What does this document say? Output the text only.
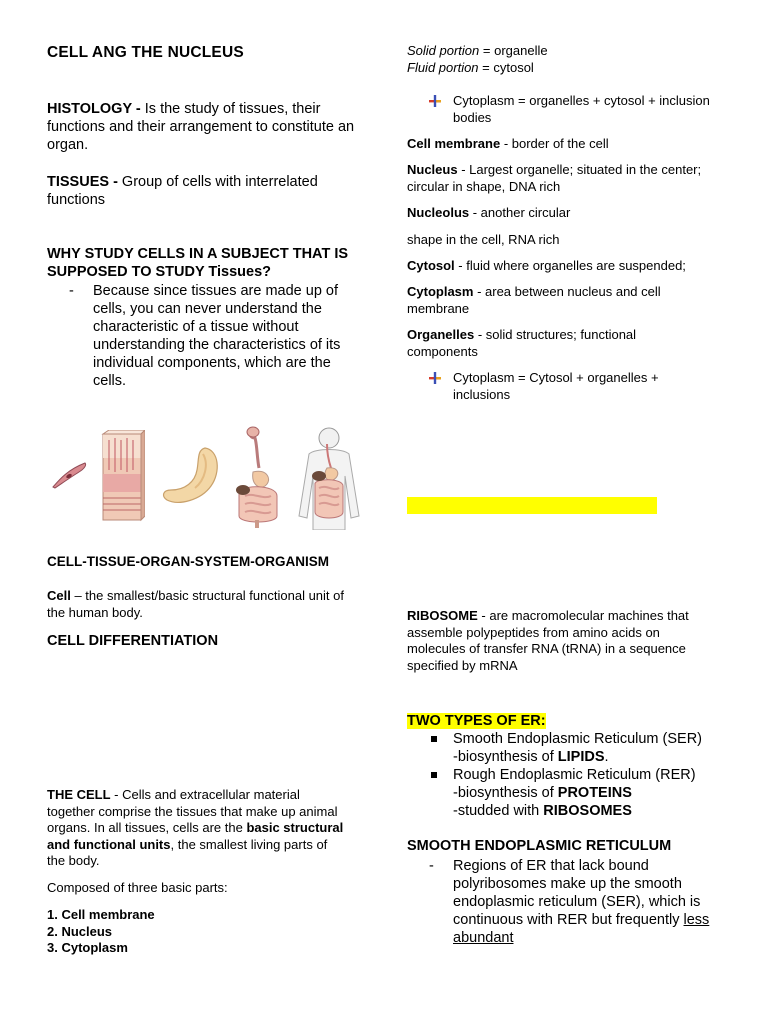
CELL ANG THE NUCLEUS
HISTOLOGY - Is the study of tissues, their functions and their arrangement to constitute an organ.
TISSUES - Group of cells with interrelated functions
WHY STUDY CELLS IN A SUBJECT THAT IS SUPPOSED TO STUDY Tissues?
- Because since tissues are made up of cells, you can never understand the characteristic of a tissue without understanding the characteristics of its individual components, which are the cells.
CELL-TISSUE-ORGAN-SYSTEM-ORGANISM
Cell – the smallest/basic structural functional unit of the human body.
CELL DIFFERENTIATION
THE CELL - Cells and extracellular material together comprise the tissues that make up animal organs. In all tissues, cells are the basic structural and functional units, the smallest living parts of the body.
Composed of three basic parts:
1. Cell membrane
2. Nucleus
3. Cytoplasm
Solid portion = organelle
Fluid portion = cytosol
Cytoplasm = organelles + cytosol + inclusion bodies
Cell membrane - border of the cell
Nucleus - Largest organelle; situated in the center; circular in shape, DNA rich
Nucleolus - another circular
shape in the cell, RNA rich
Cytosol - fluid where organelles are suspended;
Cytoplasm - area between nucleus and cell membrane
Organelles - solid structures; functional components
Cytoplasm = Cytosol + organelles + inclusions
RIBOSOME - are macromolecular machines that assemble polypeptides from amino acids on molecules of transfer RNA (tRNA) in a sequence specified by mRNA
TWO TYPES OF ER:
Smooth Endoplasmic Reticulum (SER)
-biosynthesis of LIPIDS.
Rough Endoplasmic Reticulum (RER)
-biosynthesis of PROTEINS
-studded with RIBOSOMES
SMOOTH ENDOPLASMIC RETICULUM
- Regions of ER that lack bound polyribosomes make up the smooth endoplasmic reticulum (SER), which is continuous with RER but frequently less abundant
